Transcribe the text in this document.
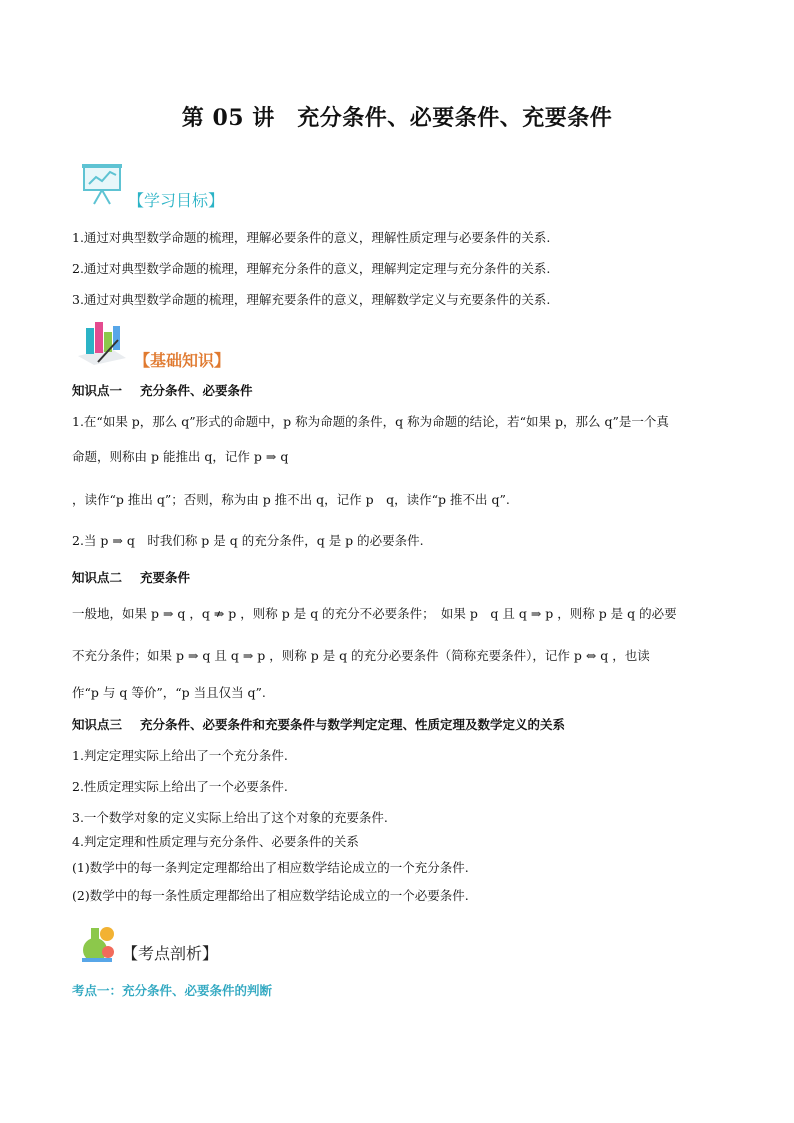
第 05 讲　充分条件、必要条件、充要条件
【学习目标】
1.通过对典型数学命题的梳理，理解必要条件的意义，理解性质定理与必要条件的关系.
2.通过对典型数学命题的梳理，理解充分条件的意义，理解判定定理与充分条件的关系.
3.通过对典型数学命题的梳理，理解充要条件的意义，理解数学定义与充要条件的关系.
【基础知识】
知识点一 充分条件、必要条件
1.在“如果 p，那么 q”形式的命题中，p 称为命题的条件，q 称为命题的结论，若“如果 p，那么 q”是一个真
命题，则称由 p 能推出 q，记作 p ⇒ q
，读作“p 推出 q”；否则，称为由 p 推不出 q，记作 p　q，读作“p 推不出 q”.
2.当 p ⇒ q　时我们称 p 是 q 的充分条件，q 是 p 的必要条件.
知识点二 充要条件
一般地，如果 p ⇒ q ，q ⇏ p ，则称 p 是 q 的充分不必要条件；　如果 p　q 且 q ⇒ p ，则称 p 是 q 的必要
不充分条件；如果 p ⇒ q 且 q ⇒ p ，则称 p 是 q 的充分必要条件（简称充要条件），记作 p ⇔ q ，也读
作“p 与 q 等价”，“p 当且仅当 q”.
知识点三 充分条件、必要条件和充要条件与数学判定定理、性质定理及数学定义的关系
1.判定定理实际上给出了一个充分条件.
2.性质定理实际上给出了一个必要条件.
3.一个数学对象的定义实际上给出了这个对象的充要条件.
4.判定定理和性质定理与充分条件、必要条件的关系
(1)数学中的每一条判定定理都给出了相应数学结论成立的一个充分条件.
(2)数学中的每一条性质定理都给出了相应数学结论成立的一个必要条件.
【考点剖析】
考点一：充分条件、必要条件的判断
